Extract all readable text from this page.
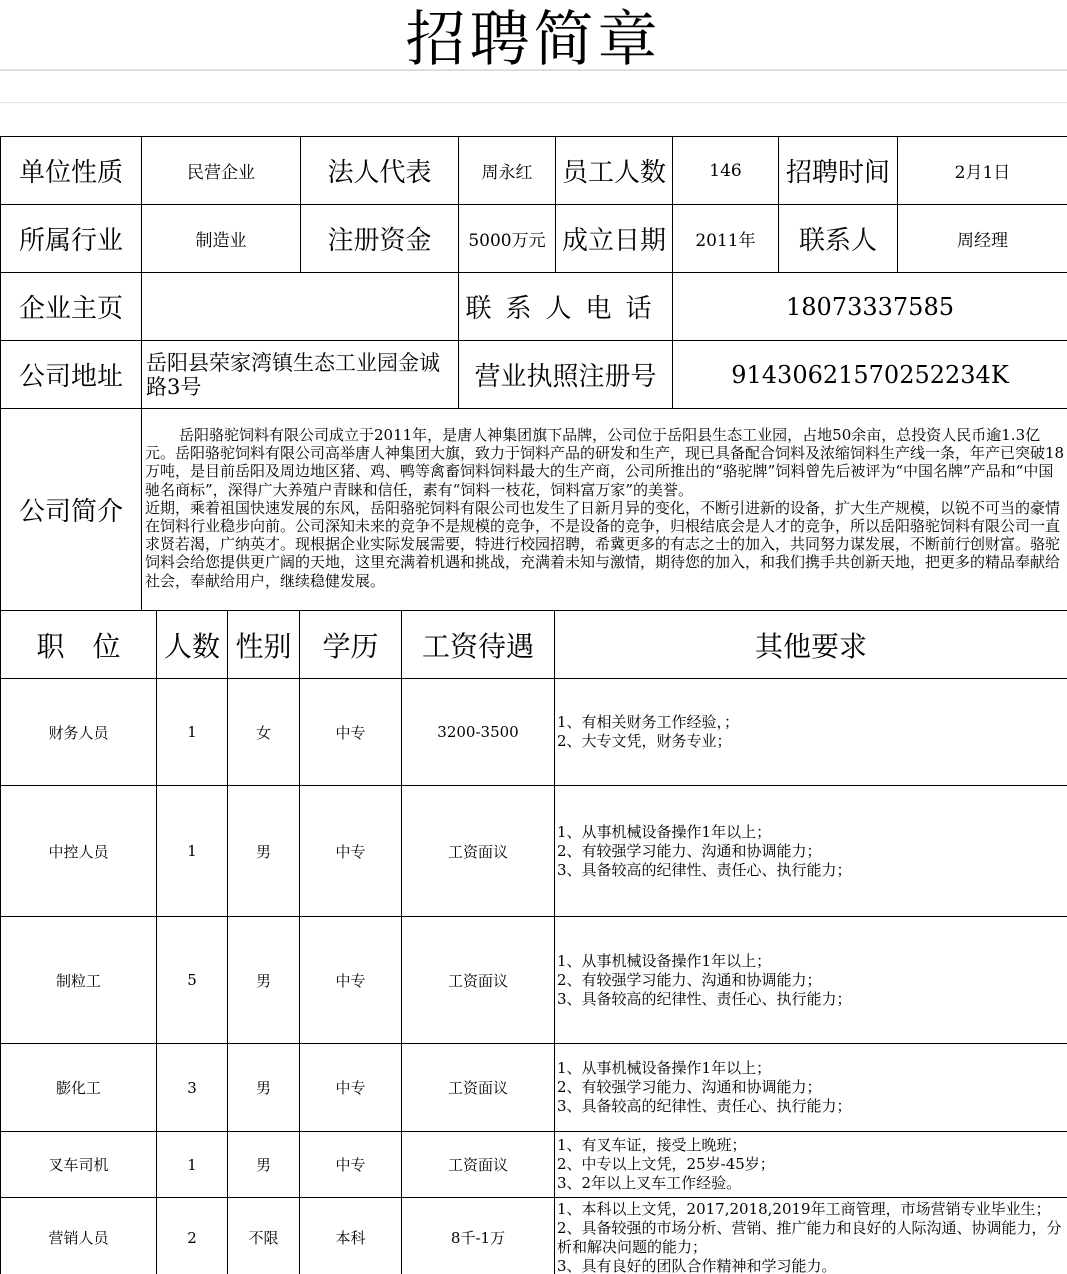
招聘简章
单位性质	民营企业	法人代表	周永红	员工人数	146	招聘时间	2月1日
所属行业	制造业	注册资金	5000万元	成立日期	2011年	联系人	周经理
企业主页			联系人电话		18073337585		
公司地址	岳阳县荣家湾镇生态工业园金诚路3号		营业执照注册号		91430621570252234K		
公司简介	岳阳骆驼饲料有限公司成立于2011年，是唐人神集团旗下品牌，公司位于岳阳县生态工业园，占地50余亩，总投资人民币逾1.3亿元。岳阳骆驼饲料有限公司高举唐人神集团大旗，致力于饲料产品的研发和生产，现已具备配合饲料及浓缩饲料生产线一条，年产已突破18万吨，是目前岳阳及周边地区猪、鸡、鸭等禽畜饲料饲料最大的生产商，公司所推出的“骆驼牌”饲料曾先后被评为“中国名牌”产品和“中国驰名商标”，深得广大养殖户青睐和信任，素有“饲料一枝花，饲料富万家”的美誉。

近期，乘着祖国快速发展的东风，岳阳骆驼饲料有限公司也发生了日新月异的变化，不断引进新的设备，扩大生产规模，以锐不可当的豪情在饲料行业稳步向前。公司深知未来的竞争不是规模的竞争，不是设备的竞争，归根结底会是人才的竞争，所以岳阳骆驼饲料有限公司一直求贤若渴，广纳英才。现根据企业实际发展需要，特进行校园招聘，希冀更多的有志之士的加入，共同努力谋发展，不断前行创财富。骆驼饲料会给您提供更广阔的天地，这里充满着机遇和挑战，充满着未知与激情，期待您的加入，和我们携手共创新天地，把更多的精品奉献给社会，奉献给用户，继续稳健发展。						

职　位	人数	性别	学历	工资待遇	其他要求
财务人员	1	女	中专	3200-3500	1、有相关财务工作经验，；
2、大专文凭，财务专业；

中控人员	1	男	中专	工资面议	1、从事机械设备操作1年以上；
2、有较强学习能力、沟通和协调能力；
3、具备较高的纪律性、责任心、执行能力；

制粒工	5	男	中专	工资面议	1、从事机械设备操作1年以上；
2、有较强学习能力、沟通和协调能力；
3、具备较高的纪律性、责任心、执行能力；

膨化工	3	男	中专	工资面议	1、从事机械设备操作1年以上；
2、有较强学习能力、沟通和协调能力；
3、具备较高的纪律性、责任心、执行能力；

叉车司机	1	男	中专	工资面议	1、有叉车证，接受上晚班；
2、中专以上文凭，25岁-45岁；
3、2年以上叉车工作经验。

营销人员	2	不限	本科	8千-1万	1、本科以上文凭，2017,2018,2019年工商管理，市场营销专业毕业生；
2、具备较强的市场分析、营销、推广能力和良好的人际沟通、协调能力，分析和解决问题的能力；
3、具有良好的团队合作精神和学习能力。
